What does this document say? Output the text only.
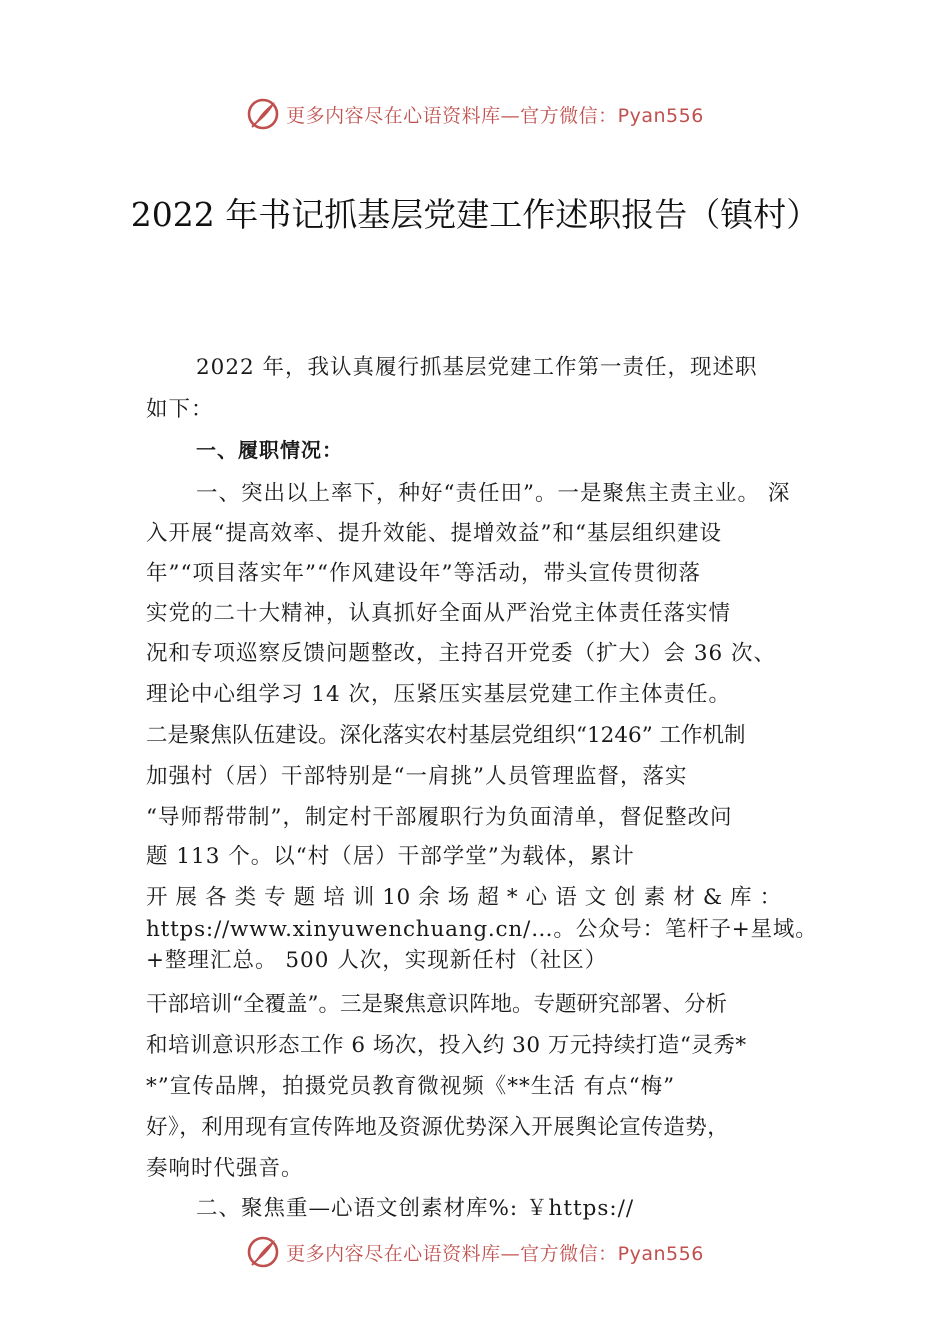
更多内容尽在心语资料库—官方微信：Pyan556
2022 年书记抓基层党建工作述职报告（镇村）
2022 年，我认真履行抓基层党建工作第一责任，现述职
如下：
一、履职情况：
一、突出以上率下，种好“责任田”。一是聚焦主责主业。 深
入开展“提高效率、提升效能、提增效益”和“基层组织建设
年”“项目落实年”“作风建设年”等活动，带头宣传贯彻落
实党的二十大精神，认真抓好全面从严治党主体责任落实情
况和专项巡察反馈问题整改，主持召开党委（扩大）会 36 次、
理论中心组学习 14 次，压紧压实基层党建工作主体责任。
二是聚焦队伍建设。深化落实农村基层党组织“1246” 工作机制
加强村（居）干部特别是“一肩挑”人员管理监督，落实
“导师帮带制”，制定村干部履职行为负面清单，督促整改问
题 113 个。以“村（居）干部学堂”为载体，累计
开 展 各 类 专 题 培 训 10 余 场 超 * 心 语 文 创 素 材 & 库 ：
https://www.xinyuwenchuang.cn/…。公众号：笔杆子+星域。
+整理汇总。 500 人次，实现新任村（社区）
干部培训“全覆盖”。三是聚焦意识阵地。专题研究部署、分析
和培训意识形态工作 6 场次，投入约 30 万元持续打造“灵秀*
*”宣传品牌，拍摄党员教育微视频《**生活 有点“梅”
好》，利用现有宣传阵地及资源优势深入开展舆论宣传造势，
奏响时代强音。
二、聚焦重—心语文创素材库%: ￥https://
更多内容尽在心语资料库—官方微信：Pyan556
